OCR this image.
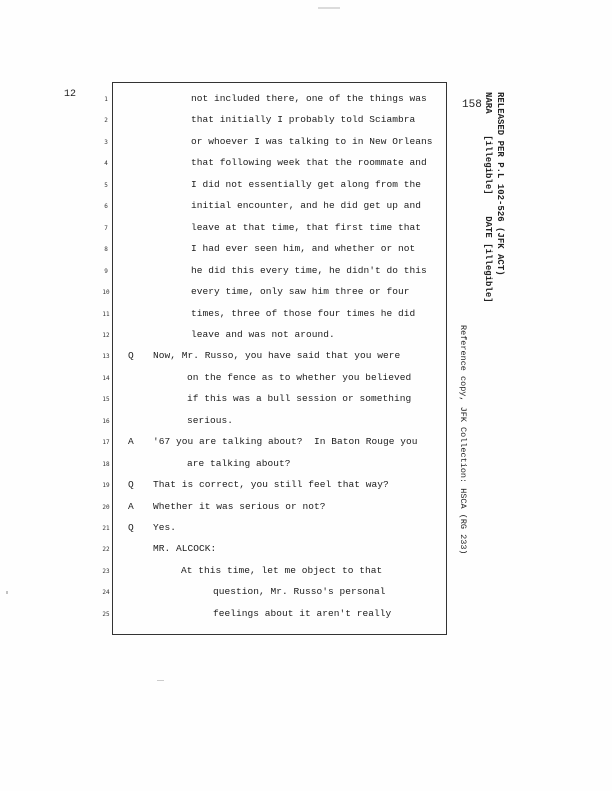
12
158
1	not included there, one of the things was
2	that initially I probably told Sciambra
3	or whoever I was talking to in New Orleans
4	that following week that the roommate and
5	I did not essentially get along from the
6	initial encounter, and he did get up and
7	leave at that time, that first time that
8	I had ever seen him, and whether or not
9	he did this every time, he didn't do this
10	every time, only saw him three or four
11	times, three of those four times he did
12	leave and was not around.
13	Q Now, Mr. Russo, you have said that you were
14	on the fence as to whether you believed
15	if this was a bull session or something
16	serious.
17	A '67 you are talking about?  In Baton Rouge you
18	are talking about?
19	Q That is correct, you still feel that way?
20	A Whether it was serious or not?
21	Q Yes.
22	MR. ALCOCK:
23	At this time, let me object to that
24	question, Mr. Russo's personal
25	feelings about it aren't really
RELEASED PER P.L 102-526 (JFK ACT)
NARA    [illegible]    DATE [illegible]
Reference copy, JFK Collection: HSCA (RG 233)
